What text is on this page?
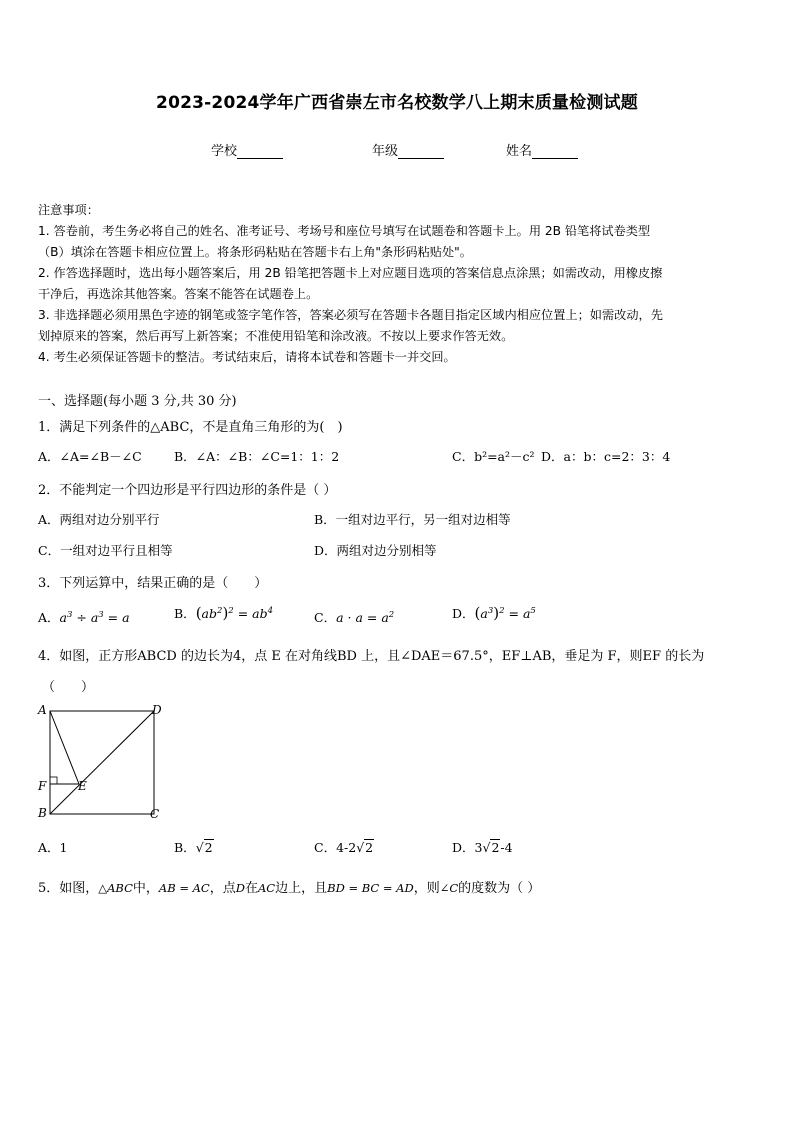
2023-2024学年广西省崇左市名校数学八上期末质量检测试题
学校	年级	姓名
注意事项：
1. 答卷前，考生务必将自己的姓名、准考证号、考场号和座位号填写在试题卷和答题卡上。用 2B 铅笔将试卷类型
（B）填涂在答题卡相应位置上。将条形码粘贴在答题卡右上角"条形码粘贴处"。
2. 作答选择题时，选出每小题答案后，用 2B 铅笔把答题卡上对应题目选项的答案信息点涂黑；如需改动，用橡皮擦
干净后，再选涂其他答案。答案不能答在试题卷上。
3. 非选择题必须用黑色字迹的钢笔或签字笔作答，答案必须写在答题卡各题目指定区域内相应位置上；如需改动，先
划掉原来的答案，然后再写上新答案；不准使用铅笔和涂改液。不按以上要求作答无效。
4. 考生必须保证答题卡的整洁。考试结束后，请将本试卷和答题卡一并交回。
一、选择题(每小题 3 分,共 30 分)
1．满足下列条件的△ABC，不是直角三角形的为(　)
A．∠A=∠B－∠C	B．∠A：∠B：∠C=1：1：2	C．b²=a²－c² D．a：b：c=2：3：4
2．不能判定一个四边形是平行四边形的条件是（ ）
A．两组对边分别平行	B．一组对边平行，另一组对边相等
C．一组对边平行且相等	D．两组对边分别相等
3．下列运算中，结果正确的是（　　）
A．$a^3 \div a^3 = a$	B．$(ab^2)^2 = ab^4$	C．$a \cdot a = a^2$	D．$(a^3)^2 = a^5$
4．如图，正方形ABCD 的边长为4，点 E 在对角线BD 上，且∠DAE＝67.5°，EF⊥AB，垂足为 F，则EF 的长为
（　　）
A	D
F	E
B	C
A．1	B．√2	C．4-2√2	D．3√2-4
5．如图，△ABC中，AB = AC，点D在AC边上，且BD = BC = AD，则∠C的度数为（ ）
